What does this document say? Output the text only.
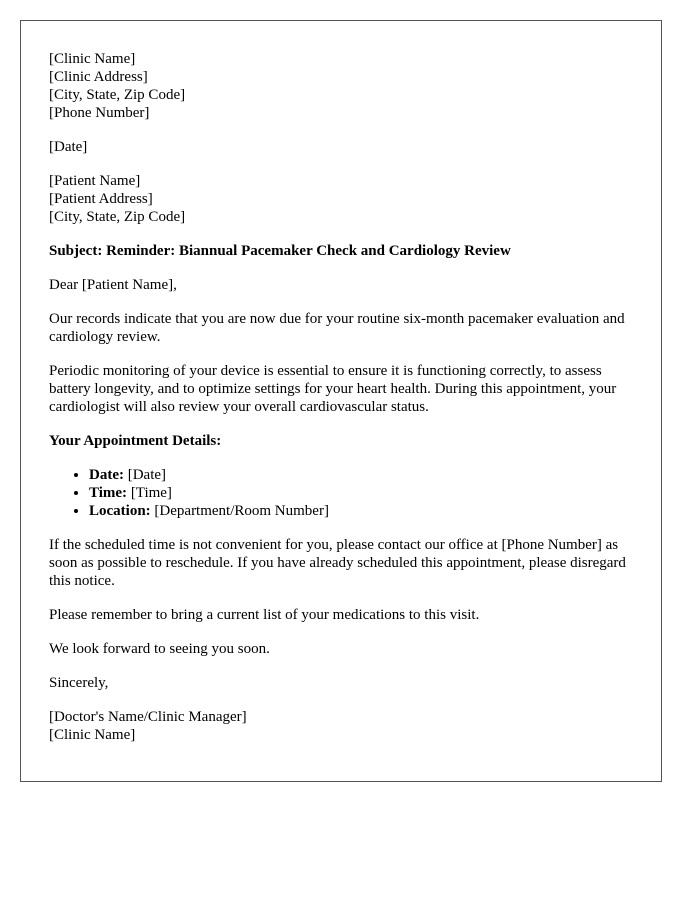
[Clinic Name]
[Clinic Address]
[City, State, Zip Code]
[Phone Number]
[Date]
[Patient Name]
[Patient Address]
[City, State, Zip Code]

Subject: Reminder: Biannual Pacemaker Check and Cardiology Review

Dear [Patient Name],

Our records indicate that you are now due for your routine six-month pacemaker evaluation and cardiology review.

Periodic monitoring of your device is essential to ensure it is functioning correctly, to assess battery longevity, and to optimize settings for your heart health. During this appointment, your cardiologist will also review your overall cardiovascular status.

Your Appointment Details:

• Date: [Date]
• Time: [Time]
• Location: [Department/Room Number]

If the scheduled time is not convenient for you, please contact our office at [Phone Number] as soon as possible to reschedule. If you have already scheduled this appointment, please disregard this notice.

Please remember to bring a current list of your medications to this visit.

We look forward to seeing you soon.

Sincerely,

[Doctor's Name/Clinic Manager]
[Clinic Name]
